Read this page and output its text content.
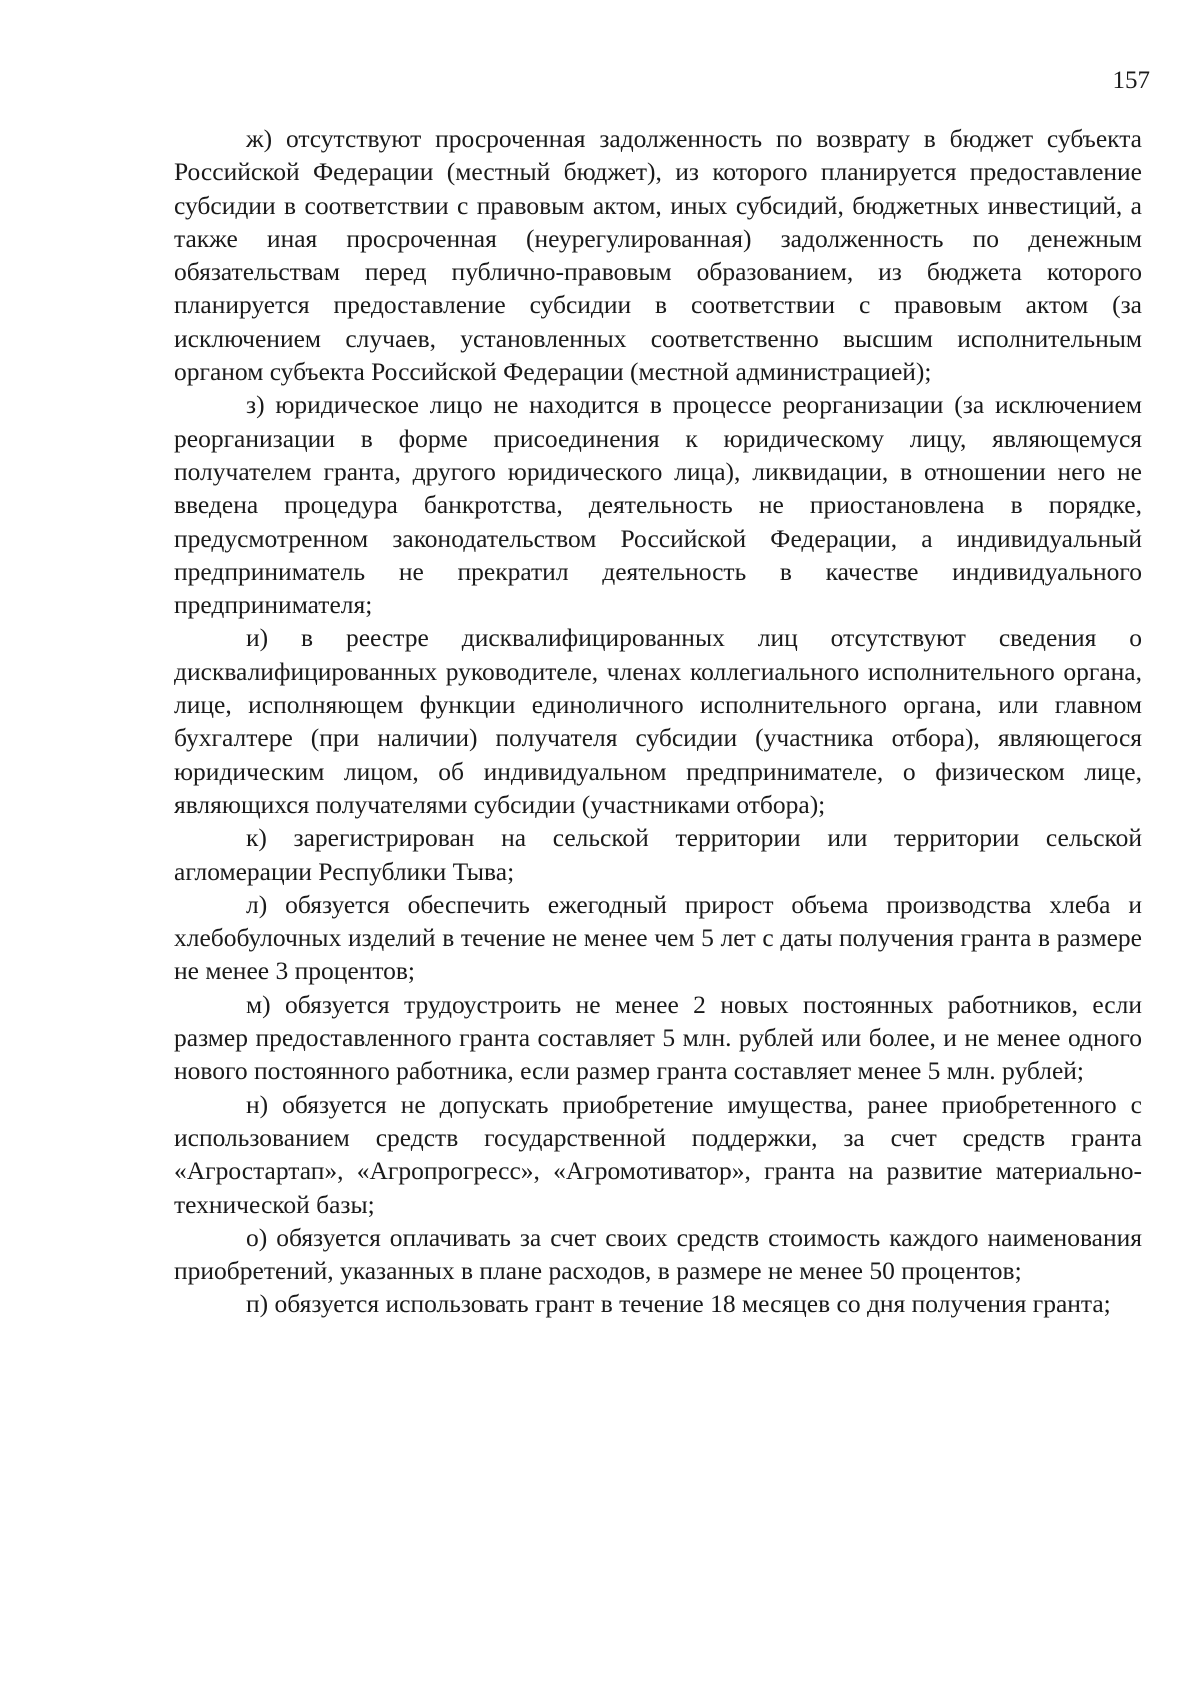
157

ж) отсутствуют просроченная задолженность по возврату в бюджет субъекта Российской Федерации (местный бюджет), из которого планируется предоставление субсидии в соответствии с правовым актом, иных субсидий, бюджетных инвестиций, а также иная просроченная (неурегулированная) задолженность по денежным обязательствам перед публично-правовым образованием, из бюджета которого планируется предоставление субсидии в соответствии с правовым актом (за исключением случаев, установленных соответственно высшим исполнительным органом субъекта Российской Федерации (местной администрацией);

з) юридическое лицо не находится в процессе реорганизации (за исключением реорганизации в форме присоединения к юридическому лицу, являющемуся получателем гранта, другого юридического лица), ликвидации, в отношении него не введена процедура банкротства, деятельность не приостановлена в порядке, предусмотренном законодательством Российской Федерации, а индивидуальный предприниматель не прекратил деятельность в качестве индивидуального предпринимателя;

и) в реестре дисквалифицированных лиц отсутствуют сведения о дисквалифицированных руководителе, членах коллегиального исполнительного органа, лице, исполняющем функции единоличного исполнительного органа, или главном бухгалтере (при наличии) получателя субсидии (участника отбора), являющегося юридическим лицом, об индивидуальном предпринимателе, о физическом лице, являющихся получателями субсидии (участниками отбора);

к) зарегистрирован на сельской территории или территории сельской агломерации Республики Тыва;

л) обязуется обеспечить ежегодный прирост объема производства хлеба и хлебобулочных изделий в течение не менее чем 5 лет с даты получения гранта в размере не менее 3 процентов;

м) обязуется трудоустроить не менее 2 новых постоянных работников, если размер предоставленного гранта составляет 5 млн. рублей или более, и не менее одного нового постоянного работника, если размер гранта составляет менее 5 млн. рублей;

н) обязуется не допускать приобретение имущества, ранее приобретенного с использованием средств государственной поддержки, за счет средств гранта «Агростартап», «Агропрогресс», «Агромотиватор», гранта на развитие материально-технической базы;

о) обязуется оплачивать за счет своих средств стоимость каждого наименования приобретений, указанных в плане расходов, в размере не менее 50 процентов;

п) обязуется использовать грант в течение 18 месяцев со дня получения гранта;
